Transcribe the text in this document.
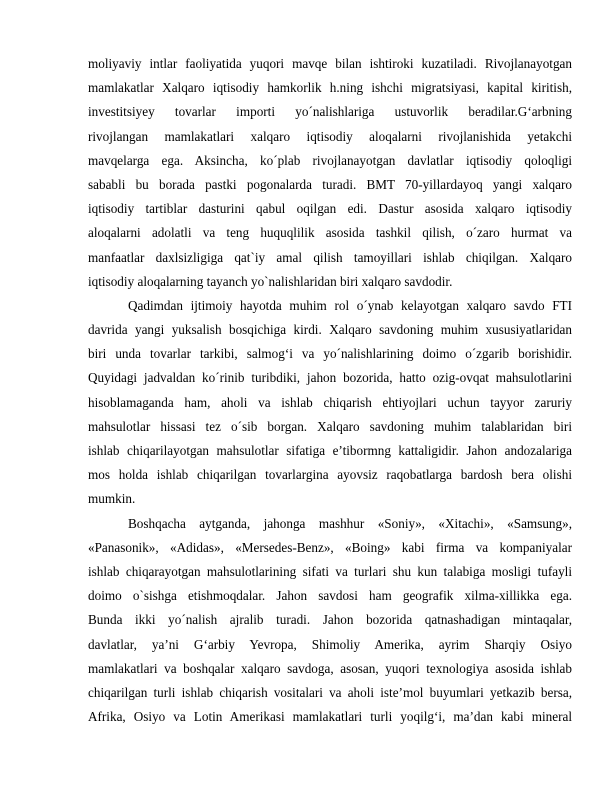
moliyaviy intlar faoliyatida yuqori mavqe bilan ishtiroki kuzatiladi. Rivojlanayotgan
mamlakatlar Xalqaro iqtisodiy hamkorlik h.ning ishchi migratsiyasi, kapital kiritish,
investitsiyey tovarlar importi yo´nalishlariga ustuvorlik beradilar.G‘arbning
rivojlangan mamlakatlari xalqaro iqtisodiy aloqalarni rivojlanishida yetakchi
mavqelarga ega. Aksincha, ko´plab rivojlanayotgan davlatlar iqtisodiy qoloqligi
sababli bu borada pastki pogonalarda turadi. BMT 70-yillardayoq yangi xalqaro
iqtisodiy tartiblar dasturini qabul oqilgan edi. Dastur asosida xalqaro iqtisodiy
aloqalarni adolatli va teng huquqlilik asosida tashkil qilish, o´zaro hurmat va
manfaatlar daxlsizligiga qat`iy amal qilish tamoyillari ishlab chiqilgan. Xalqaro
iqtisodiy aloqalarning tayanch yo`nalishlaridan biri xalqaro savdodir.
Qadimdan ijtimoiy hayotda muhim rol o´ynab kelayotgan xalqaro savdo FTI
davrida yangi yuksalish bosqichiga kirdi. Xalqaro savdoning muhim xususiyatlaridan
biri unda tovarlar tarkibi, salmog‘i va yo´nalishlarining doimo o´zgarib borishidir.
Quyidagi jadvaldan ko´rinib turibdiki, jahon bozorida, hatto ozig-ovqat mahsulotlarini
hisoblamaganda ham, aholi va ishlab chiqarish ehtiyojlari uchun tayyor zaruriy
mahsulotlar hissasi tez o´sib borgan. Xalqaro savdoning muhim talablaridan biri
ishlab chiqarilayotgan mahsulotlar sifatiga e’tibormng kattaligidir. Jahon andozalariga
mos holda ishlab chiqarilgan tovarlargina ayovsiz raqobatlarga bardosh bera olishi
mumkin.
Boshqacha aytganda, jahonga mashhur «Soniy», «Xitachi», «Samsung»,
«Panasonik», «Adidas», «Mersedes-Benz», «Boing» kabi firma va kompaniyalar
ishlab chiqarayotgan mahsulotlarining sifati va turlari shu kun talabiga mosligi tufayli
doimo o`sishga etishmoqdalar. Jahon savdosi ham geografik xilma-xillikka ega.
Bunda ikki yo´nalish ajralib turadi. Jahon bozorida qatnashadigan mintaqalar,
davlatlar, ya’ni G‘arbiy Yevropa, Shimoliy Amerika, ayrim Sharqiy Osiyo
mamlakatlari va boshqalar xalqaro savdoga, asosan, yuqori texnologiya asosida ishlab
chiqarilgan turli ishlab chiqarish vositalari va aholi iste’mol buyumlari yetkazib bersa,
Afrika, Osiyo va Lotin Amerikasi mamlakatlari turli yoqilg‘i, ma’dan kabi mineral
